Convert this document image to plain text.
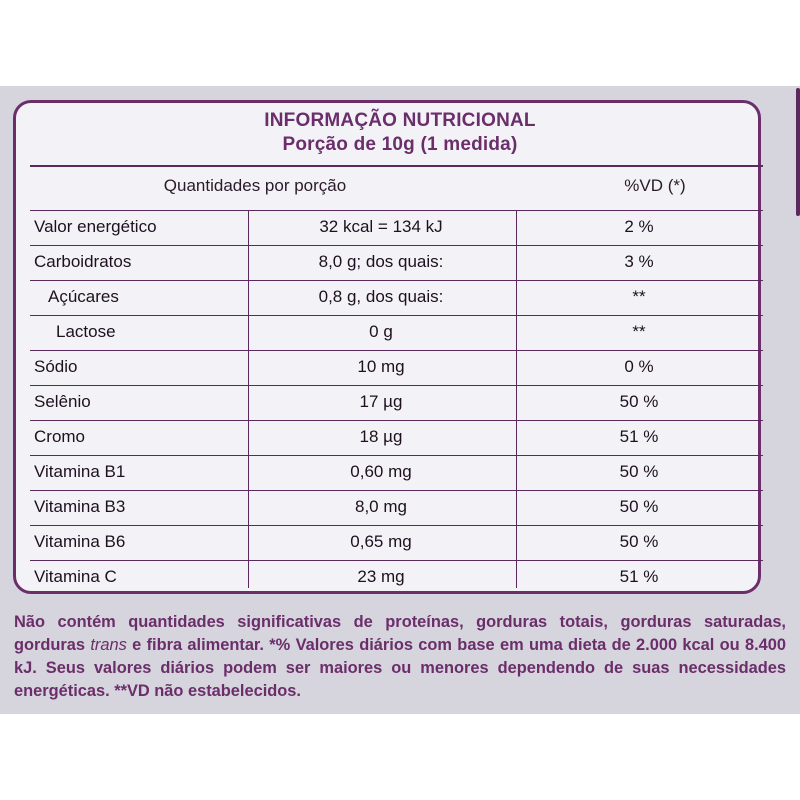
INFORMAÇÃO NUTRICIONAL
Porção de 10g (1 medida)
Quantidades por porção	%VD (*)
Valor energético	32 kcal = 134 kJ	2 %
Carboidratos	8,0 g; dos quais:	3 %
Açúcares	0,8 g, dos quais:	**
Lactose	0 g	**
Sódio	10 mg	0 %
Selênio	17 µg	50 %
Cromo	18 µg	51 %
Vitamina B1	0,60 mg	50 %
Vitamina B3	8,0 mg	50 %
Vitamina B6	0,65 mg	50 %
Vitamina C	23 mg	51 %
Não contém quantidades significativas de proteínas, gorduras totais, gorduras saturadas, gorduras trans e fibra alimentar. *% Valores diários com base em uma dieta de 2.000 kcal ou 8.400 kJ. Seus valores diários podem ser maiores ou menores dependendo de suas necessidades energéticas. **VD não estabelecidos.
